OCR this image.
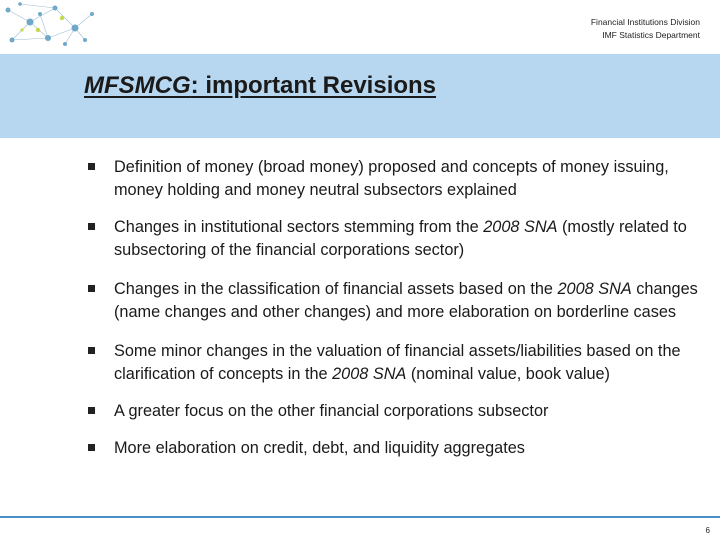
Financial Institutions Division
IMF Statistics Department
MFSMCG: important Revisions
Definition of money (broad money) proposed and concepts of money issuing, money holding and money neutral subsectors explained
Changes in institutional sectors stemming from the 2008 SNA (mostly related to subsectoring of the financial corporations sector)
Changes in the classification of financial assets based on the 2008 SNA changes (name changes and other changes) and more elaboration on borderline cases
Some minor changes in the valuation of financial assets/liabilities based on the clarification of concepts in the 2008 SNA (nominal value, book value)
A greater focus on the other financial corporations subsector
More elaboration on credit, debt, and liquidity aggregates
6
